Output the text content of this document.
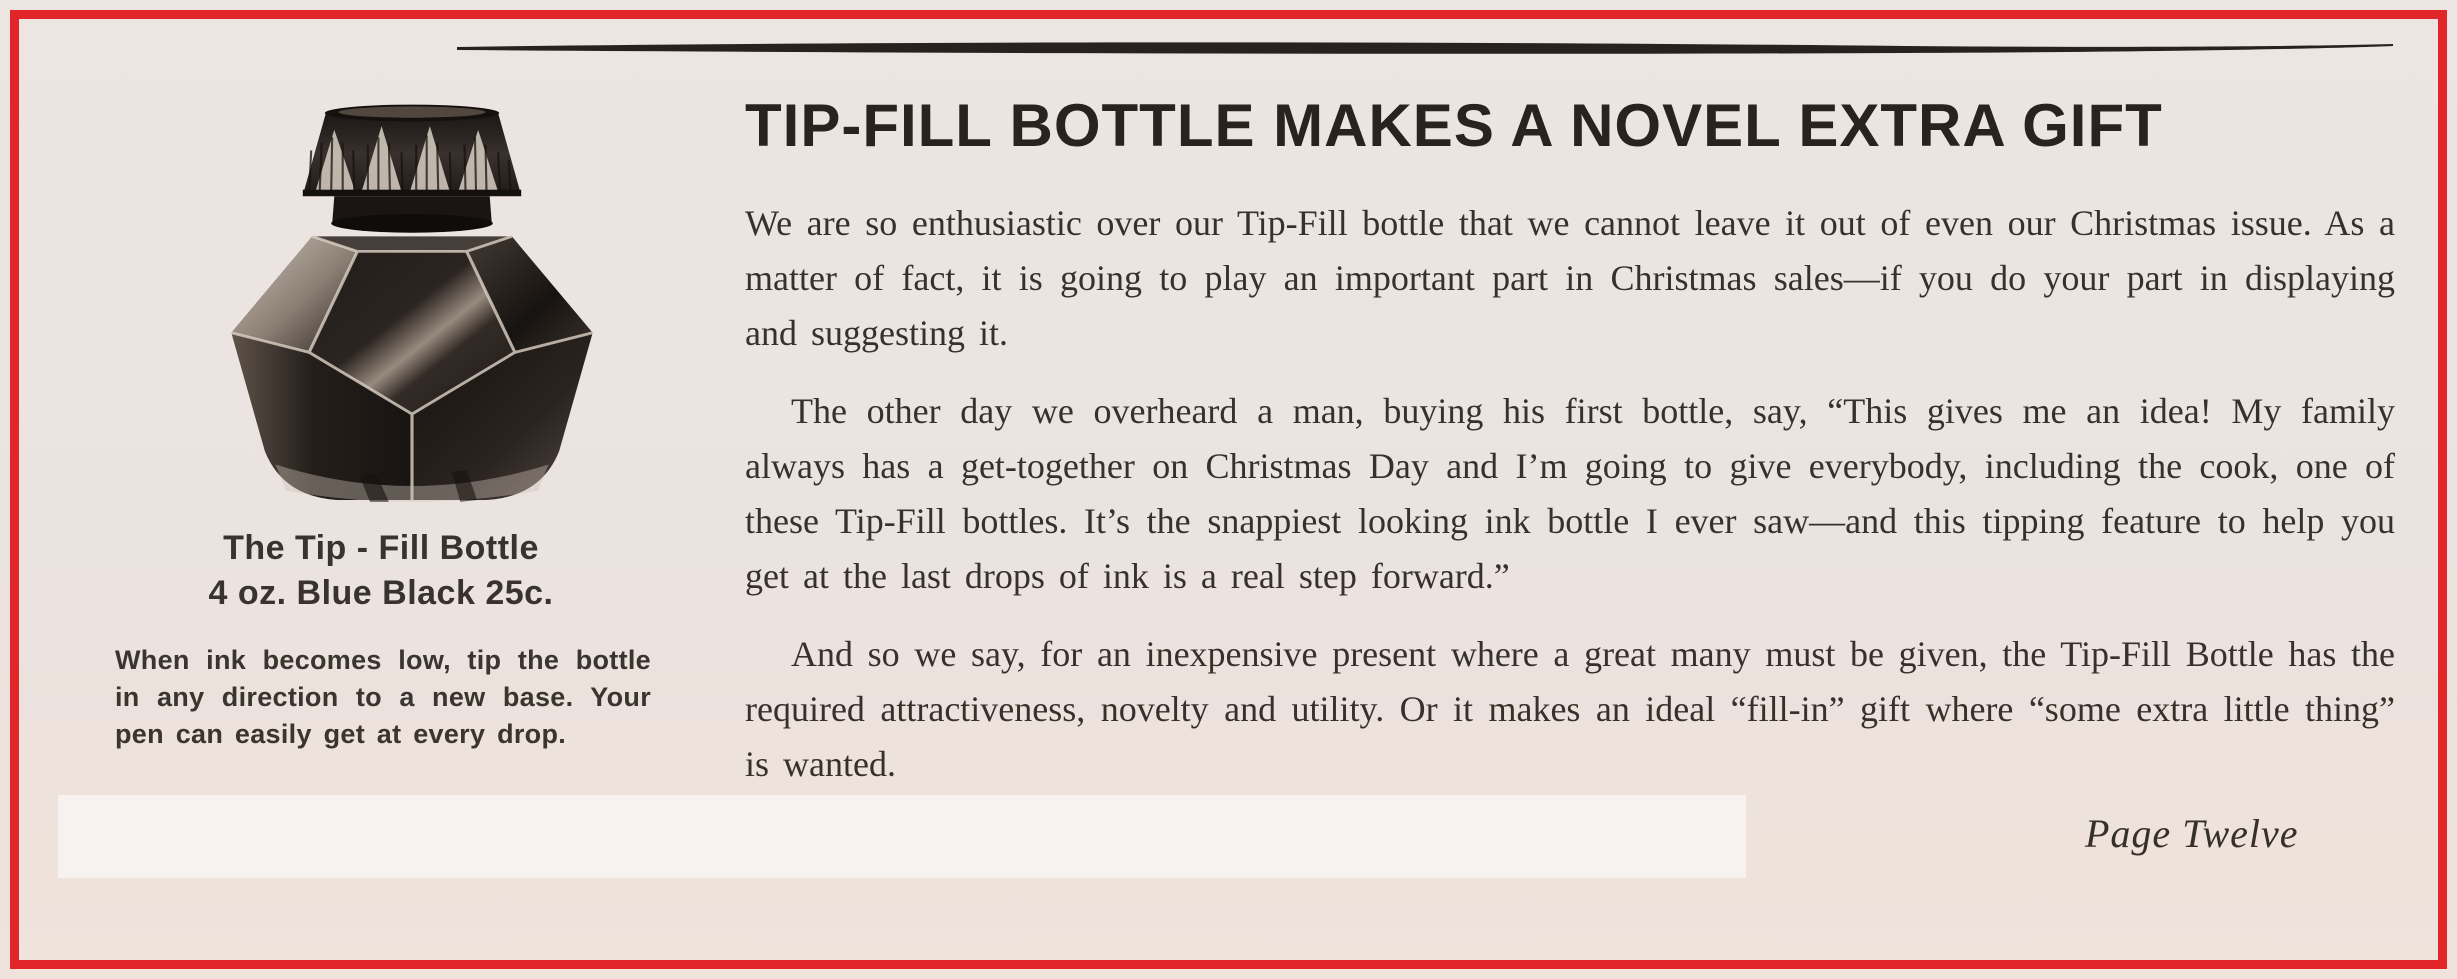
The Tip - Fill Bottle
4 oz. Blue Black 25c.
When ink becomes low, tip the bottle in any direction to a new base. Your pen can easily get at every drop.
TIP-FILL BOTTLE MAKES A NOVEL EXTRA GIFT

We are so enthusiastic over our Tip-Fill bottle that we cannot leave it out of even our Christmas issue. As a matter of fact, it is going to play an important part in Christmas sales—if you do your part in displaying and suggesting it.

The other day we overheard a man, buying his first bottle, say, “This gives me an idea! My family always has a get-together on Christmas Day and I’m going to give everybody, including the cook, one of these Tip-Fill bottles. It’s the snappiest looking ink bottle I ever saw—and this tipping feature to help you get at the last drops of ink is a real step forward.”

And so we say, for an inexpensive present where a great many must be given, the Tip-Fill Bottle has the required attractiveness, novelty and utility. Or it makes an ideal “fill-in” gift where “some extra little thing” is wanted.

Page Twelve
